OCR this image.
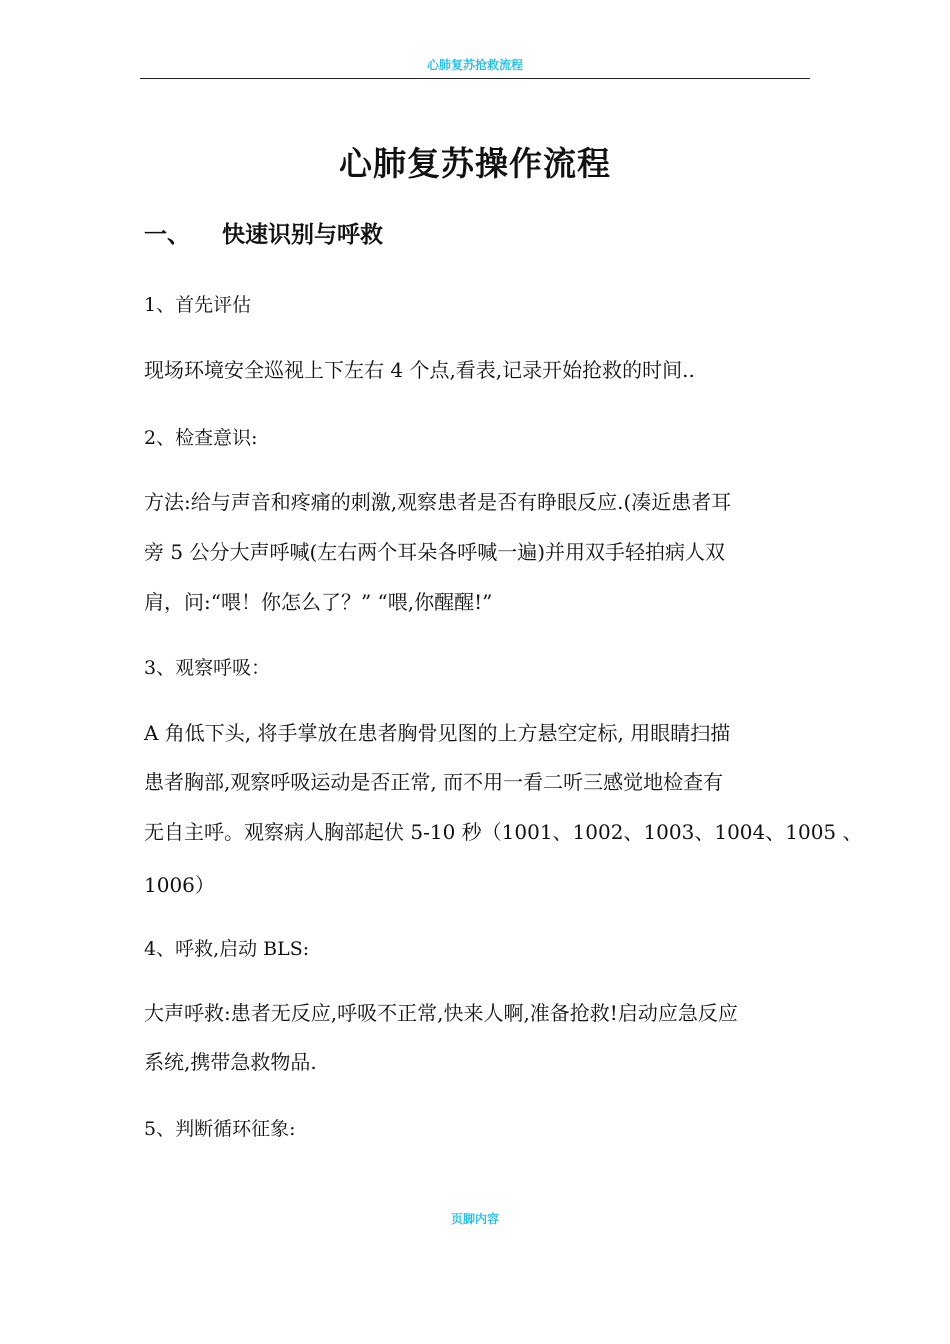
心肺复苏抢救流程
心肺复苏操作流程
一、 快速识别与呼救
1、首先评估
现场环境安全巡视上下左右 4 个点,看表,记录开始抢救的时间..
2、检查意识:
方法:给与声音和疼痛的刺激,观察患者是否有睁眼反应.(凑近患者耳
旁 5 公分大声呼喊(左右两个耳朵各呼喊一遍)并用双手轻拍病人双
肩，问:“喂！你怎么了？” “喂,你醒醒!”
3、观察呼吸：
A 角低下头, 将手掌放在患者胸骨见图的上方悬空定标, 用眼睛扫描
患者胸部,观察呼吸运动是否正常, 而不用一看二听三感觉地检查有
无自主呼。观察病人胸部起伏 5-10 秒（1001、1002、1003、1004、1005 、
1006）
4、呼救,启动 BLS:
大声呼救:患者无反应,呼吸不正常,快来人啊,准备抢救!启动应急反应
系统,携带急救物品.
5、判断循环征象:
页脚内容
